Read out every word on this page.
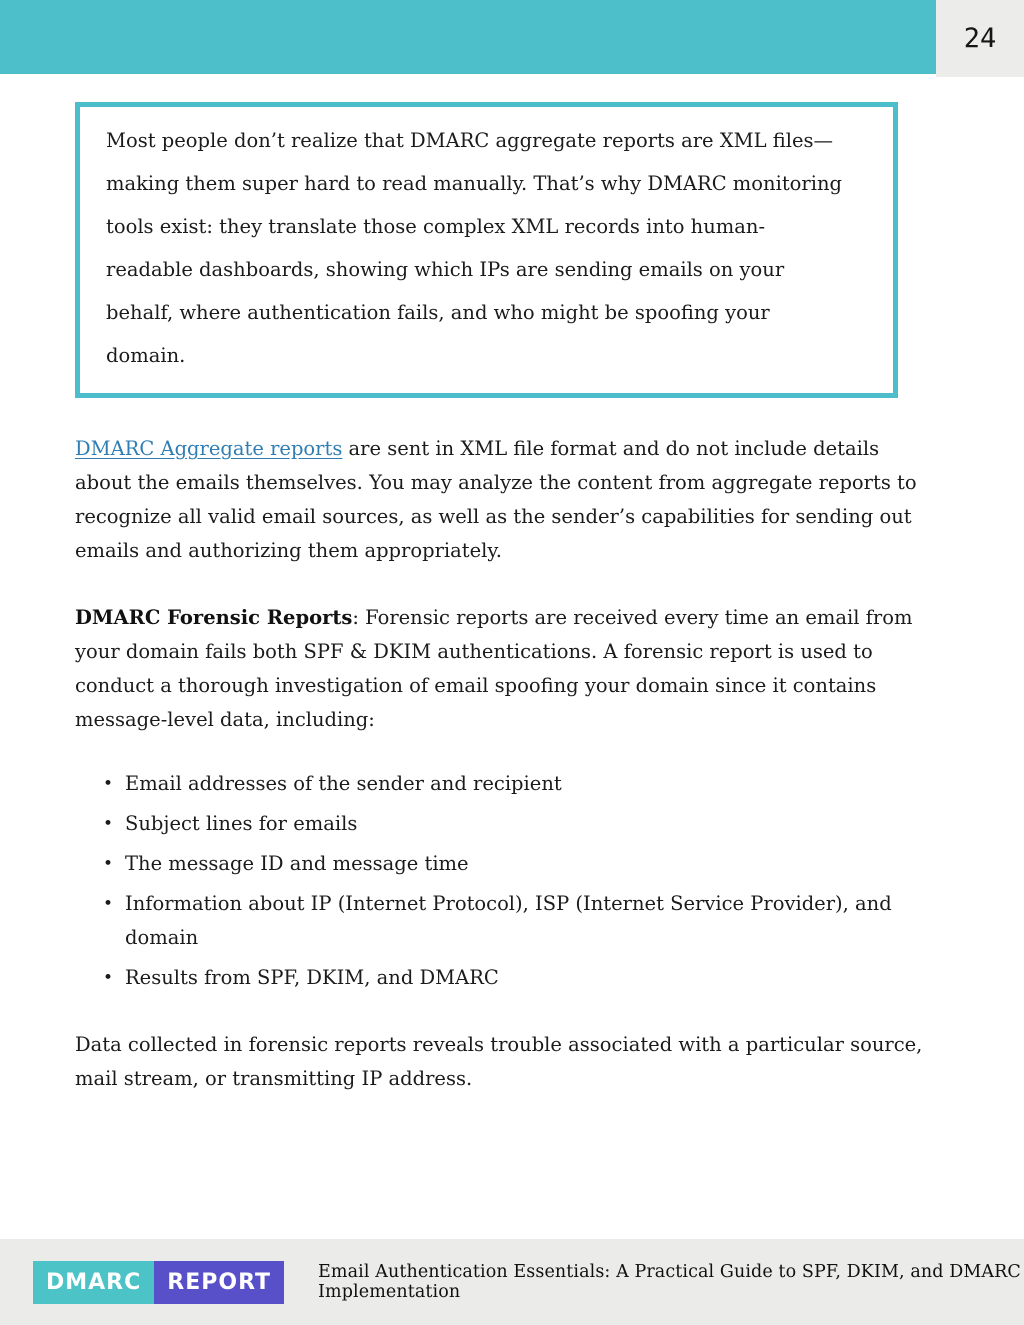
24
Most people don’t realize that DMARC aggregate reports are XML files—making them super hard to read manually. That’s why DMARC monitoring tools exist: they translate those complex XML records into human-readable dashboards, showing which IPs are sending emails on your behalf, where authentication fails, and who might be spoofing your domain.

DMARC Aggregate reports are sent in XML file format and do not include details about the emails themselves. You may analyze the content from aggregate reports to recognize all valid email sources, as well as the sender’s capabilities for sending out emails and authorizing them appropriately.

DMARC Forensic Reports: Forensic reports are received every time an email from your domain fails both SPF & DKIM authentications. A forensic report is used to conduct a thorough investigation of email spoofing your domain since it contains message-level data, including:

• Email addresses of the sender and recipient
• Subject lines for emails
• The message ID and message time
• Information about IP (Internet Protocol), ISP (Internet Service Provider), and domain
• Results from SPF, DKIM, and DMARC

Data collected in forensic reports reveals trouble associated with a particular source, mail stream, or transmitting IP address.

DMARC	REPORT	Email Authentication Essentials: A Practical Guide to SPF, DKIM, and DMARC Implementation
